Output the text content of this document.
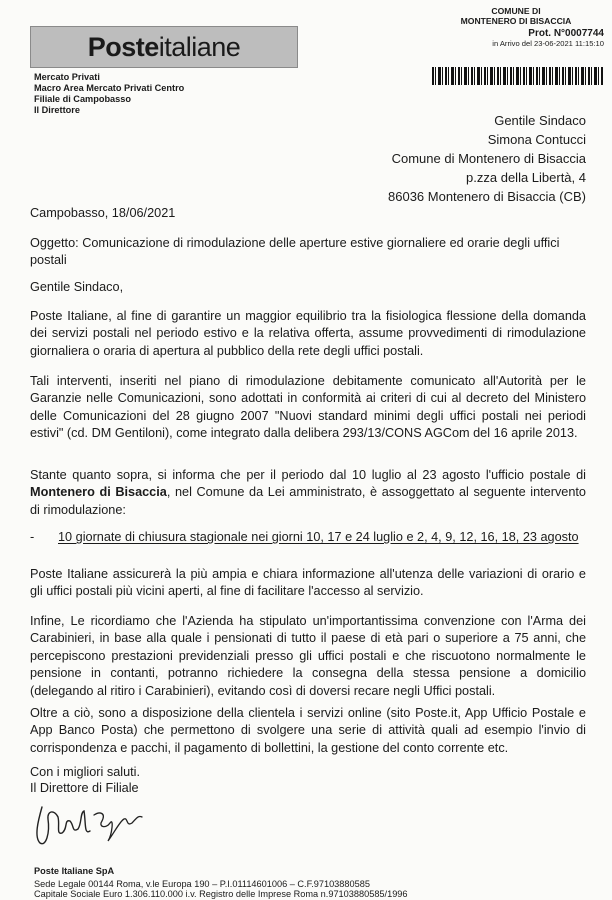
Poste italiane
Mercato Privati
Macro Area Mercato Privati Centro
Filiale di Campobasso
Il Direttore
COMUNE DI
MONTENERO DI BISACCIA
Prot. N°0007744
in Arrivo del 23-06-2021 11:15:10
Gentile Sindaco
Simona Contucci
Comune di Montenero di Bisaccia
p.zza della Libertà, 4
86036 Montenero di Bisaccia (CB)
Campobasso, 18/06/2021
Oggetto: Comunicazione di rimodulazione delle aperture estive giornaliere ed orarie degli uffici postali
Gentile Sindaco,
Poste Italiane, al fine di garantire un maggior equilibrio tra la fisiologica flessione della domanda dei servizi postali nel periodo estivo e la relativa offerta, assume provvedimenti di rimodulazione giornaliera o oraria di apertura al pubblico della rete degli uffici postali.
Tali interventi, inseriti nel piano di rimodulazione debitamente comunicato all'Autorità per le Garanzie nelle Comunicazioni, sono adottati in conformità ai criteri di cui al decreto del Ministero delle Comunicazioni del 28 giugno 2007 "Nuovi standard minimi degli uffici postali nei periodi estivi" (cd. DM Gentiloni), come integrato dalla delibera 293/13/CONS AGCom del 16 aprile 2013.
Stante quanto sopra, si informa che per il periodo dal 10 luglio al 23 agosto l'ufficio postale di Montenero di Bisaccia, nel Comune da Lei amministrato, è assoggettato al seguente intervento di rimodulazione:
- 10 giornate di chiusura stagionale nei giorni 10, 17 e 24 luglio e 2, 4, 9, 12, 16, 18, 23 agosto
Poste Italiane assicurerà la più ampia e chiara informazione all'utenza delle variazioni di orario e gli uffici postali più vicini aperti, al fine di facilitare l'accesso al servizio.
Infine, Le ricordiamo che l'Azienda ha stipulato un'importantissima convenzione con l'Arma dei Carabinieri, in base alla quale i pensionati di tutto il paese di età pari o superiore a 75 anni, che percepiscono prestazioni previdenziali presso gli uffici postali e che riscuotono normalmente le pensione in contanti, potranno richiedere la consegna della stessa pensione a domicilio (delegando al ritiro i Carabinieri), evitando così di doversi recare negli Uffici postali.
Oltre a ciò, sono a disposizione della clientela i servizi online (sito Poste.it, App Ufficio Postale e App Banco Posta) che permettono di svolgere una serie di attività quali ad esempio l'invio di corrispondenza e pacchi, il pagamento di bollettini, la gestione del conto corrente etc.
Con i migliori saluti.
Il Direttore di Filiale
Poste Italiane SpA
Sede Legale 00144 Roma, v.le Europa 190 – P.I.01114601006 – C.F.97103880585
Capitale Sociale Euro 1.306.110.000 i.v. Registro delle Imprese Roma n.97103880585/1996
